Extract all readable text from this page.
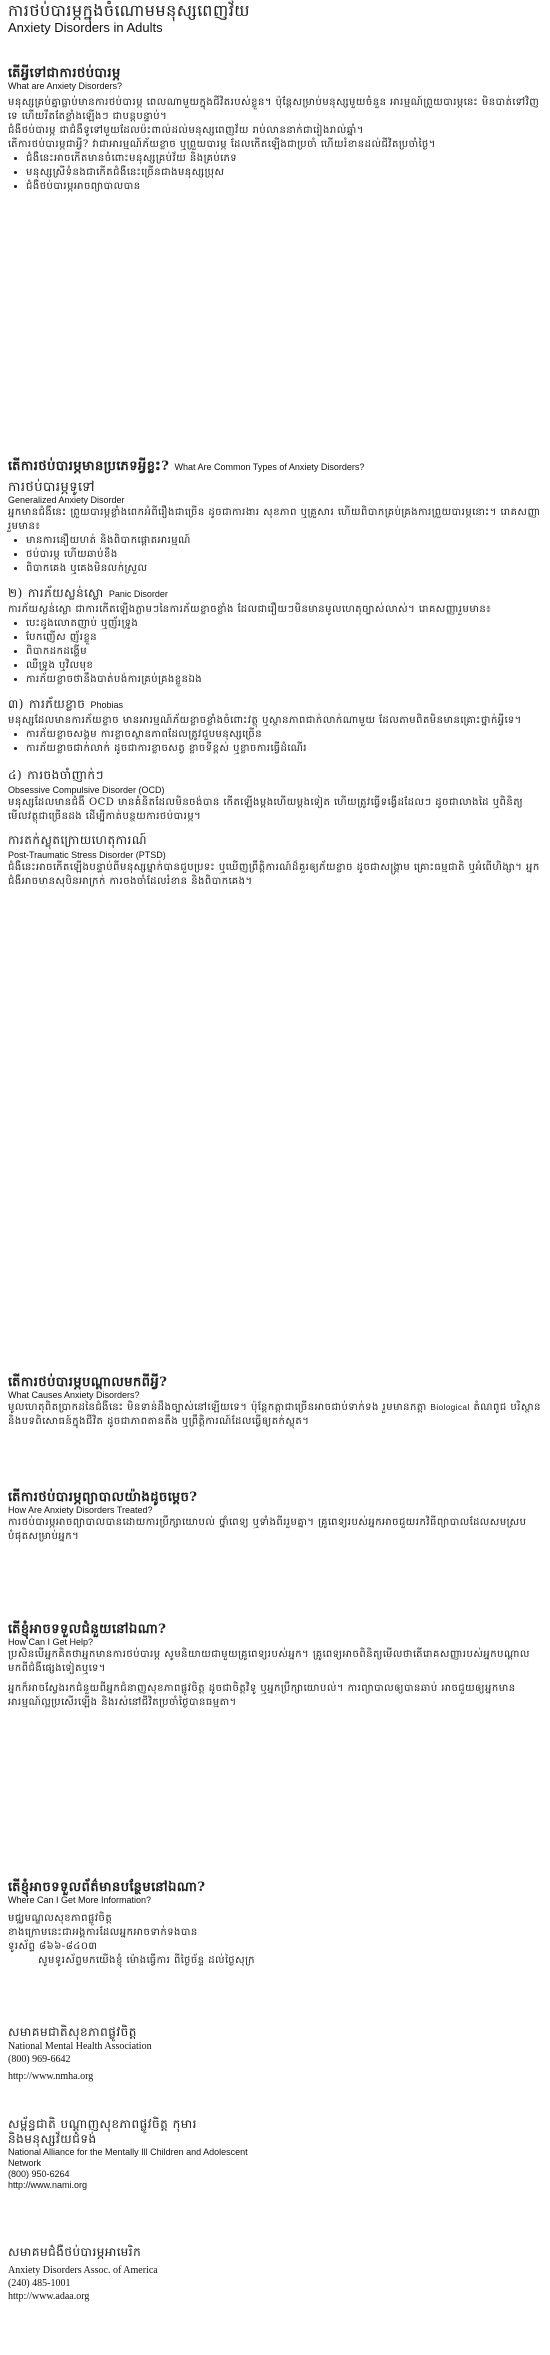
ការថប់បារម្ភក្នុងចំណោមមនុស្សពេញវ័យ
Anxiety Disorders in Adults
តើអ្វីទៅជាការថប់បារម្ភ
What are Anxiety Disorders?

មនុស្សគ្រប់គ្នាធ្លាប់មានការថប់បារម្ភ ពេលណាមួយក្នុងជីវិតរបស់ខ្លួន។ ប៉ុន្តែសម្រាប់មនុស្សមួយចំនួន អារម្មណ៍ព្រួយបារម្ភនេះ មិនបាត់ទៅវិញទេ ហើយរឹតតែខ្លាំងឡើងៗ ជាបន្តបន្ទាប់។

ជំងឺថប់បារម្ភ ជាជំងឺទូទៅមួយដែលប៉ះពាល់ដល់មនុស្សពេញវ័យ រាប់លាននាក់ជារៀងរាល់ឆ្នាំ។

តើការថប់បារម្ភជាអ្វី? វាជាអារម្មណ៍ភ័យខ្លាច ឬព្រួយបារម្ភ ដែលកើតឡើងជាប្រចាំ ហើយរំខានដល់ជីវិតប្រចាំថ្ងៃ។

• ជំងឺនេះអាចកើតមានចំពោះមនុស្សគ្រប់វ័យ និងគ្រប់ភេទ
• មនុស្សស្រីទំនងជាកើតជំងឺនេះច្រើនជាងមនុស្សប្រុស
• ជំងឺថប់បារម្ភអាចព្យាបាលបាន
តើការថប់បារម្ភមានប្រភេទអ្វីខ្លះ? What Are Common Types of Anxiety Disorders?
ការថប់បារម្ភទូទៅ
Generalized Anxiety Disorder

អ្នកមានជំងឺនេះ ព្រួយបារម្ភខ្លាំងពេកអំពីរឿងជាច្រើន ដូចជាការងារ សុខភាព ឬគ្រួសារ ហើយពិបាកគ្រប់គ្រងការព្រួយបារម្ភនោះ។ រោគសញ្ញារួមមាន៖

• មានការនឿយហត់ និងពិបាកផ្តោតអារម្មណ៍
• ថប់បារម្ភ ហើយឆាប់ខឹង
• ពិបាកគេង ឬគេងមិនលក់ស្រួល
២) ការភ័យស្លន់ស្លោ Panic Disorder

ការភ័យស្លន់ស្លោ ជាការកើតឡើងភ្លាមៗនៃការភ័យខ្លាចខ្លាំង ដែលជារឿយៗមិនមានមូលហេតុច្បាស់លាស់។ រោគសញ្ញារួមមាន៖

• បេះដូងលោតញាប់ ឬញ័រទ្រូង
• បែកញើស ញ័រខ្លួន
• ពិបាកដកដង្ហើម
• ឈឺទ្រូង ឬវិលមុខ
• ការភ័យខ្លាចថានឹងបាត់បង់ការគ្រប់គ្រងខ្លួនឯង
៣) ការភ័យខ្លាច Phobias

មនុស្សដែលមានការភ័យខ្លាច មានអារម្មណ៍ភ័យខ្លាចខ្លាំងចំពោះវត្ថុ ឬស្ថានភាពជាក់លាក់ណាមួយ ដែលតាមពិតមិនមានគ្រោះថ្នាក់អ្វីទេ។

• ការភ័យខ្លាចសង្គម ការខ្លាចស្ថានភាពដែលត្រូវជួបមនុស្សច្រើន
• ការភ័យខ្លាចជាក់លាក់ ដូចជាការខ្លាចសត្វ ខ្លាចទីខ្ពស់ ឬខ្លាចការធ្វើដំណើរ
៤) ការចងចាំញាក់ៗ
Obsessive Compulsive Disorder (OCD)

មនុស្សដែលមានជំងឺ OCD មានគំនិតដែលមិនចង់បាន កើតឡើងម្តងហើយម្តងទៀត ហើយត្រូវធ្វើទង្វើដដែលៗ ដូចជាលាងដៃ ឬពិនិត្យមើលវត្ថុជាច្រើនដង ដើម្បីកាត់បន្ថយការថប់បារម្ភ។

ការតក់ស្លុតក្រោយហេតុការណ៍
Post-Traumatic Stress Disorder (PTSD)

ជំងឺនេះអាចកើតឡើងបន្ទាប់ពីមនុស្សម្នាក់បានជួបប្រទះ ឬឃើញព្រឹត្តិការណ៍ដ៏គួរឲ្យភ័យខ្លាច ដូចជាសង្គ្រាម គ្រោះធម្មជាតិ ឬអំពើហិង្សា។ អ្នកជំងឺអាចមានសុបិនអាក្រក់ ការចងចាំដែលរំខាន និងពិបាកគេង។

តើការថប់បារម្ភបណ្តាលមកពីអ្វី?
What Causes Anxiety Disorders?

មូលហេតុពិតប្រាកដនៃជំងឺនេះ មិនទាន់ដឹងច្បាស់នៅឡើយទេ។ ប៉ុន្តែកត្តាជាច្រើនអាចជាប់ទាក់ទង រួមមានកត្តា Biological តំណពូជ បរិស្ថាន និងបទពិសោធន៍ក្នុងជីវិត ដូចជាភាពតានតឹង ឬព្រឹត្តិការណ៍ដែលធ្វើឲ្យតក់ស្លុត។

តើការថប់បារម្ភព្យាបាលយ៉ាងដូចម្តេច?
How Are Anxiety Disorders Treated?

ការថប់បារម្ភអាចព្យាបាលបានដោយការប្រឹក្សាយោបល់ ថ្នាំពេទ្យ ឬទាំងពីររួមគ្នា។ គ្រូពេទ្យរបស់អ្នកអាចជួយរកវិធីព្យាបាលដែលសមស្របបំផុតសម្រាប់អ្នក។

តើខ្ញុំអាចទទួលជំនួយនៅឯណា?
How Can I Get Help?

ប្រសិនបើអ្នកគិតថាអ្នកមានការថប់បារម្ភ សូមនិយាយជាមួយគ្រូពេទ្យរបស់អ្នក។ គ្រូពេទ្យអាចពិនិត្យមើលថាតើរោគសញ្ញារបស់អ្នកបណ្តាលមកពីជំងឺផ្សេងទៀតឬទេ។

អ្នកក៏អាចស្វែងរកជំនួយពីអ្នកជំនាញសុខភាពផ្លូវចិត្ត ដូចជាចិត្តវិទូ ឬអ្នកប្រឹក្សាយោបល់។ ការព្យាបាលឲ្យបានឆាប់ អាចជួយឲ្យអ្នកមានអារម្មណ៍ល្អប្រសើរឡើង និងរស់នៅជីវិតប្រចាំថ្ងៃបានធម្មតា។

តើខ្ញុំអាចទទួលព័ត៌មានបន្ថែមនៅឯណា?
Where Can I Get More Information?

មជ្ឈមណ្ឌលសុខភាពផ្លូវចិត្ត

ខាងក្រោមនេះជាអង្គការដែលអ្នកអាចទាក់ទងបាន

ទូរស័ព្ទ ៨៦៦-៨៤០៣

សូមទូរស័ព្ទមកយើងខ្ញុំ ម៉ោងធ្វើការ ពីថ្ងៃច័ន្ទ ដល់ថ្ងៃសុក្រ

សមាគមជាតិសុខភាពផ្លូវចិត្ត
National Mental Health Association
(800) 969-6642
http://www.nmha.org
សម្ព័ន្ធជាតិ បណ្តាញសុខភាពផ្លូវចិត្ត កុមារ
និងមនុស្សវ័យជំទង់
National Alliance for the Mentally Ill Children and Adolescent Network
(800) 950-6264
http://www.nami.org
សមាគមជំងឺថប់បារម្ភអាមេរិក
Anxiety Disorders Assoc. of America
(240) 485-1001
http://www.adaa.org
